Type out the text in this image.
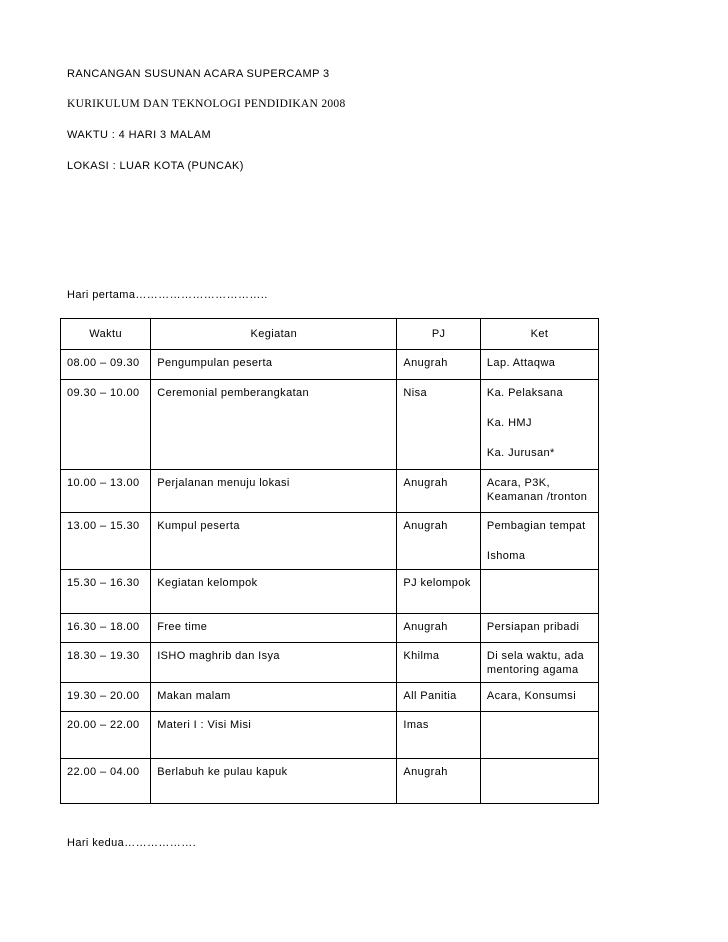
RANCANGAN SUSUNAN ACARA SUPERCAMP 3
KURIKULUM DAN TEKNOLOGI PENDIDIKAN 2008
WAKTU : 4 HARI 3 MALAM
LOKASI : LUAR KOTA (PUNCAK)
Hari pertama……………………………..
Waktu	Kegiatan	PJ	Ket
08.00 – 09.30	Pengumpulan peserta	Anugrah	Lap. Attaqwa

09.30 – 10.00	Ceremonial pemberangkatan	Nisa	Ka. Pelaksana
Ka. HMJ
Ka. Jurusan*

10.00 – 13.00	Perjalanan menuju lokasi	Anugrah	Acara, P3K, Keamanan /tronton

13.00 – 15.30	Kumpul peserta	Anugrah	Pembagian tempat
Ishoma

15.30 – 16.30	Kegiatan kelompok	PJ kelompok	
16.30 – 18.00	Free time	Anugrah	Persiapan pribadi

18.30 – 19.30	ISHO maghrib dan Isya	Khilma	Di sela waktu, ada mentoring agama

19.30 – 20.00	Makan malam	All Panitia	Acara, Konsumsi

20.00 – 22.00	Materi I : Visi Misi	Imas	
22.00 – 04.00	Berlabuh ke pulau kapuk	Anugrah	
Hari kedua……………….
